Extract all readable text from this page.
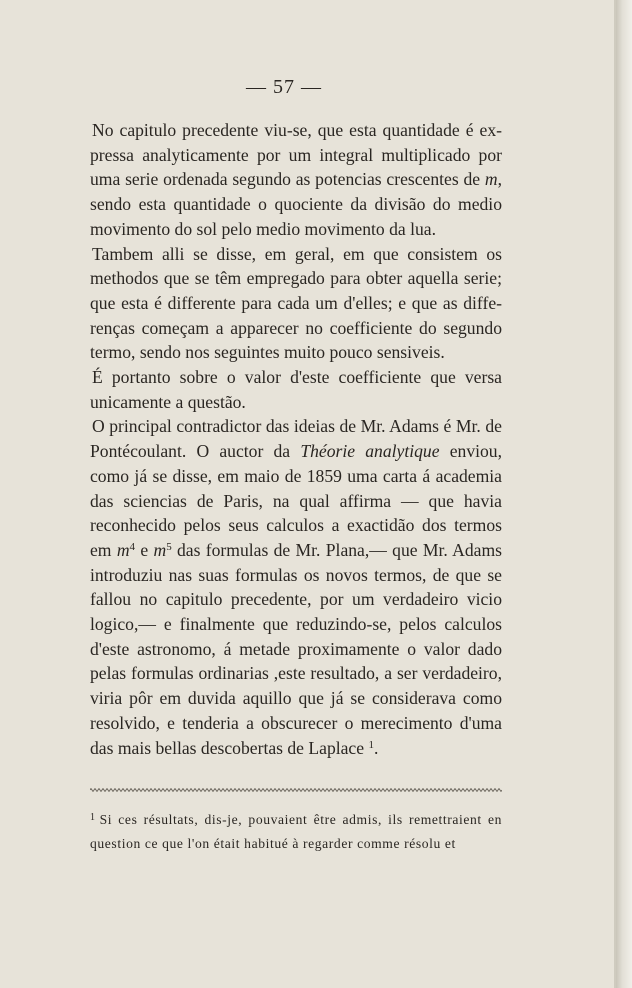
— 57 —

No capitulo precedente viu-se, que esta quantidade é expressa analyticamente por um integral multiplicado por uma serie ordenada segundo as potencias crescentes de m, sendo esta quantidade o quociente da divisão do medio movimento do sol pelo medio movimento da lua.

Tambem alli se disse, em geral, em que consistem os methodos que se têm empregado para obter aquella serie; que esta é differente para cada um d'elles; e que as differenças começam a apparecer no coefficiente do segundo termo, sendo nos seguintes muito pouco sensiveis.

É portanto sobre o valor d'este coefficiente que versa unicamente a questão.

O principal contradictor das ideias de Mr. Adams é Mr. de Pontécoulant. O auctor da Théorie analytique enviou, como já se disse, em maio de 1859 uma carta á academia das sciencias de Paris, na qual affirma — que havia reconhecido pelos seus calculos a exactidão dos termos em $m^4$ e $m^5$ das formulas de Mr. Plana,— que Mr. Adams introduziu nas suas formulas os novos termos, de que se fallou no capitulo precedente, por um verdadeiro vicio logico,— e finalmente que reduzindo-se, pelos calculos d'este astronomo, á metade proximamente o valor dado pelas formulas ordinarias ,este resultado, a ser verdadeiro, viria pôr em duvida aquillo que já se considerava como resolvido, e tenderia a obscurecer o merecimento d'uma das mais bellas descobertas de Laplace $^1$.

$^1$ Si ces résultats, dis-je, pouvaient être admis, ils remettraient en question ce que l'on était habitué à regarder comme résolu et
